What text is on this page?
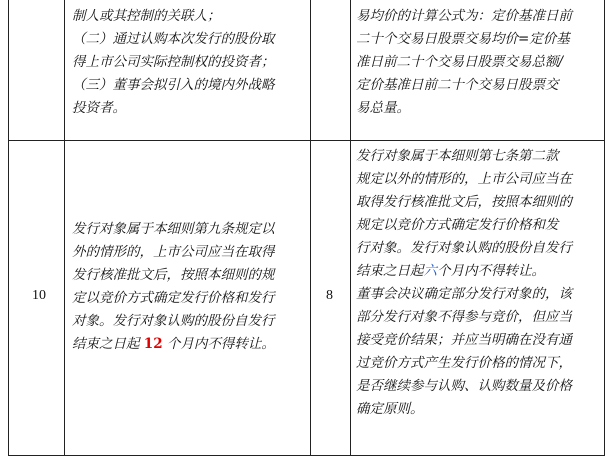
制人或其控制的关联人；

（二）通过认购本次发行的股份取

得上市公司实际控制权的投资者；

（三）董事会拟引入的境内外战略

投资者。

易均价的计算公式为：定价基准日前

二十个交易日股票交易均价=定价基

准日前二十个交易日股票交易总额/

定价基准日前二十个交易日股票交

易总量。

10	8

发行对象属于本细则第九条规定以

外的情形的，上市公司应当在取得

发行核准批文后，按照本细则的规

定以竞价方式确定发行价格和发行

对象。发行对象认购的股份自发行

结束之日起 12 个月内不得转让。

发行对象属于本细则第七条第二款

规定以外的情形的，上市公司应当在

取得发行核准批文后，按照本细则的

规定以竞价方式确定发行价格和发

行对象。发行对象认购的股份自发行

结束之日起六个月内不得转让。

董事会决议确定部分发行对象的，该

部分发行对象不得参与竞价，但应当

接受竞价结果；并应当明确在没有通

过竞价方式产生发行价格的情况下，

是否继续参与认购、认购数量及价格

确定原则。
